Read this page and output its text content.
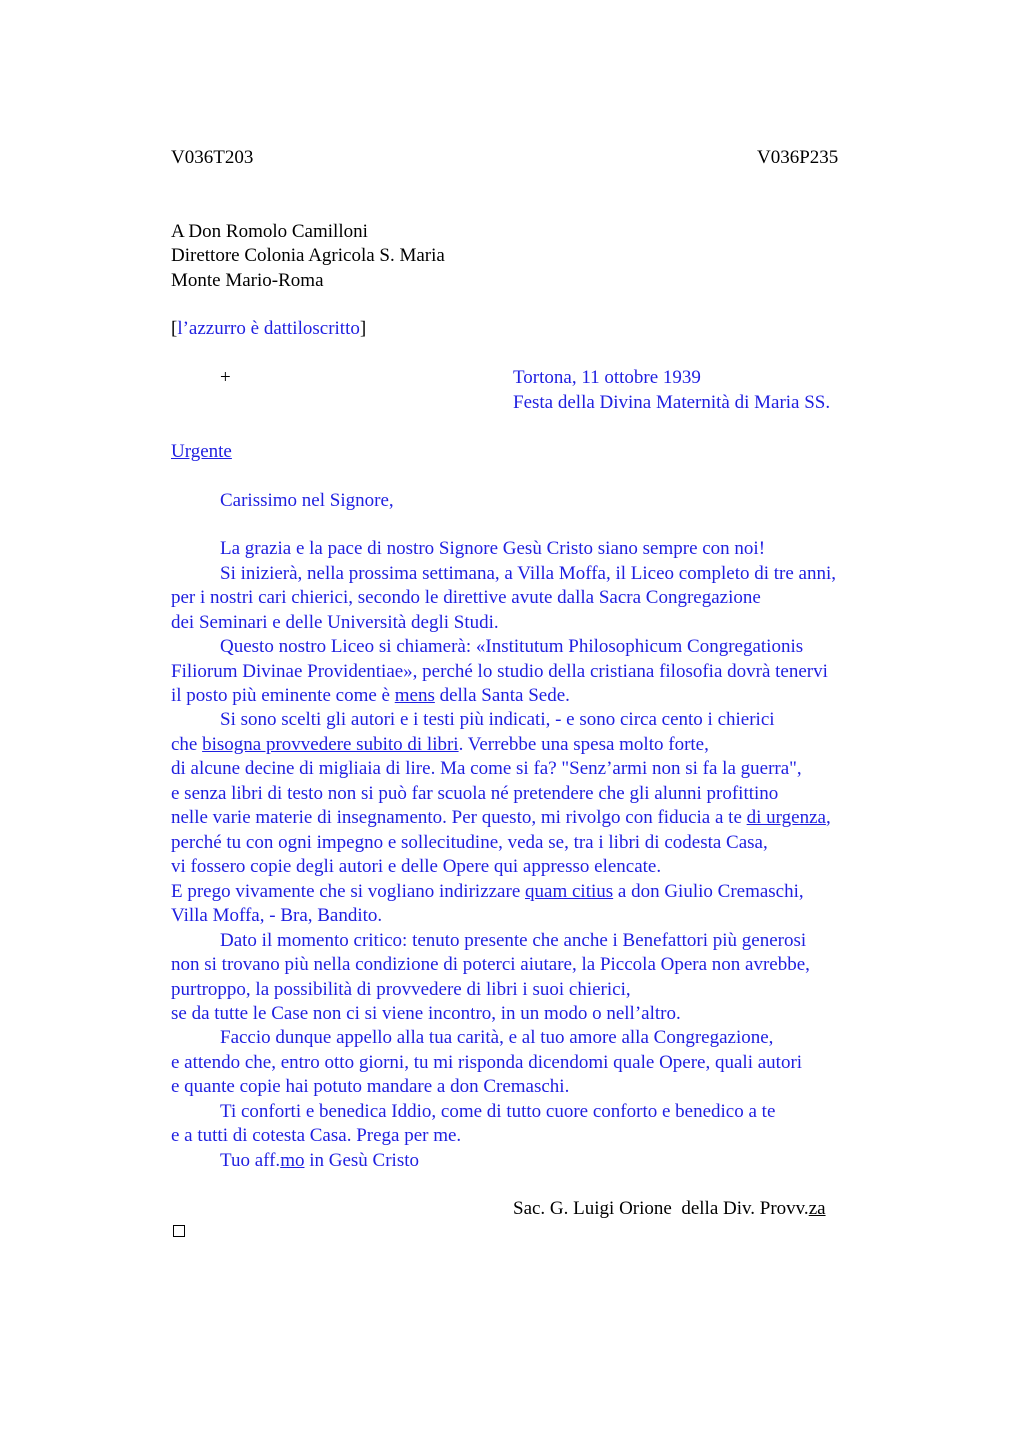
V036T203	V036P235
A Don Romolo Camilloni
Direttore Colonia Agricola S. Maria
Monte Mario-Roma
[l’azzurro è dattiloscritto]
+	Tortona, 11 ottobre 1939
Festa della Divina Maternità di Maria SS.
Urgente
Carissimo nel Signore,
La grazia e la pace di nostro Signore Gesù Cristo siano sempre con noi!
Si inizierà, nella prossima settimana, a Villa Moffa, il Liceo completo di tre anni,
per i nostri cari chierici, secondo le direttive avute dalla Sacra Congregazione
dei Seminari e delle Università degli Studi.
Questo nostro Liceo si chiamerà: «Institutum Philosophicum Congregationis
Filiorum Divinae Providentiae», perché lo studio della cristiana filosofia dovrà tenervi
il posto più eminente come è mens della Santa Sede.
Si sono scelti gli autori e i testi più indicati, - e sono circa cento i chierici
che bisogna provvedere subito di libri. Verrebbe una spesa molto forte,
di alcune decine di migliaia di lire. Ma come si fa? "Senz’armi non si fa la guerra",
e senza libri di testo non si può far scuola né pretendere che gli alunni profittino
nelle varie materie di insegnamento. Per questo, mi rivolgo con fiducia a te di urgenza,
perché tu con ogni impegno e sollecitudine, veda se, tra i libri di codesta Casa,
vi fossero copie degli autori e delle Opere qui appresso elencate.
E prego vivamente che si vogliano indirizzare quam citius a don Giulio Cremaschi,
Villa Moffa, - Bra, Bandito.
Dato il momento critico: tenuto presente che anche i Benefattori più generosi
non si trovano più nella condizione di poterci aiutare, la Piccola Opera non avrebbe,
purtroppo, la possibilità di provvedere di libri i suoi chierici,
se da tutte le Case non ci si viene incontro, in un modo o nell’altro.
Faccio dunque appello alla tua carità, e al tuo amore alla Congregazione,
e attendo che, entro otto giorni, tu mi risponda dicendomi quale Opere, quali autori
e quante copie hai potuto mandare a don Cremaschi.
Ti conforti e benedica Iddio, come di tutto cuore conforto e benedico a te
e a tutti di cotesta Casa. Prega per me.
Tuo aff.mo in Gesù Cristo
Sac. G. Luigi Orione  della Div. Provv.za
